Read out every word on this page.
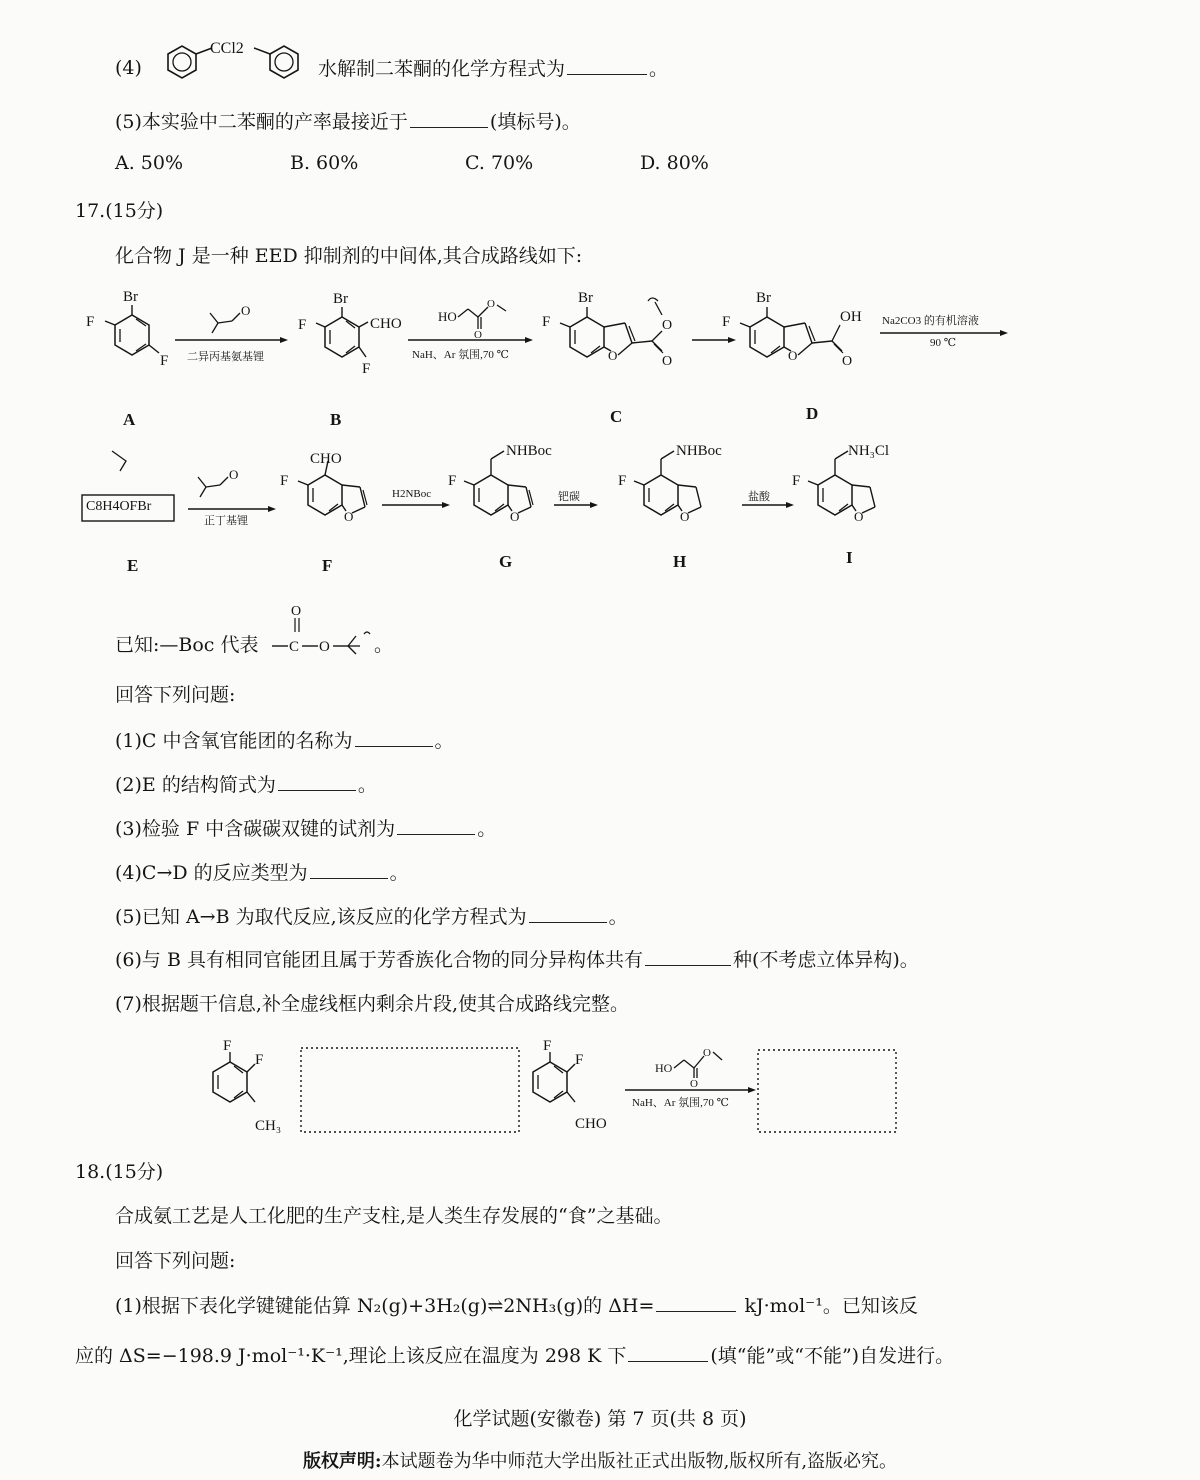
(4)
CCl2
水解制二苯酮的化学方程式为	。
(5)本实验中二苯酮的产率最接近于	(填标号)。
A. 50%	B. 60%	C. 70%	D. 80%
17.(15分)
化合物 J 是一种 EED 抑制剂的中间体,其合成路线如下:
Br
F
F
O
Br
CHO
F
F
HO
O
O
O
O
O
Br
F
O
OH
O
Br
F
二异丙基氨基锂	NaH、Ar 氛围,70 ℃
Na2CO3 的有机溶液
90 ℃
A	B	C	D
O
O
CHO
F
O
NHBoc
F
O
NHBoc
F
O
NH₃Cl
F
C8H4OFBr
正丁基锂
H2NBoc	钯碳	盐酸
E	F	G	H	I
已知:—Boc 代表 C
O
O 。
回答下列问题:
(1)C 中含氧官能团的名称为	。
(2)E 的结构简式为	。
(3)检验 F 中含碳碳双键的试剂为	。
(4)C→D 的反应类型为	。
(5)已知 A→B 为取代反应,该反应的化学方程式为	。
(6)与 B 具有相同官能团且属于芳香族化合物的同分异构体共有	种(不考虑立体异构)。
(7)根据题干信息,补全虚线框内剩余片段,使其合成路线完整。
F
F
CH₃
F
F
CHO
HO
O
O
NaH、Ar 氛围,70 ℃
18.(15分)
合成氨工艺是人工化肥的生产支柱,是人类生存发展的“食”之基础。
回答下列问题:
(1)根据下表化学键键能估算 N₂(g)+3H₂(g)⇌2NH₃(g)的 ΔH=	kJ·mol⁻¹。已知该反
应的 ΔS=−198.9 J·mol⁻¹·K⁻¹,理论上该反应在温度为 298 K 下	(填“能”或“不能”)自发进行。
化学试题(安徽卷) 第 7 页(共 8 页)
版权声明:本试题卷为华中师范大学出版社正式出版物,版权所有,盗版必究。
